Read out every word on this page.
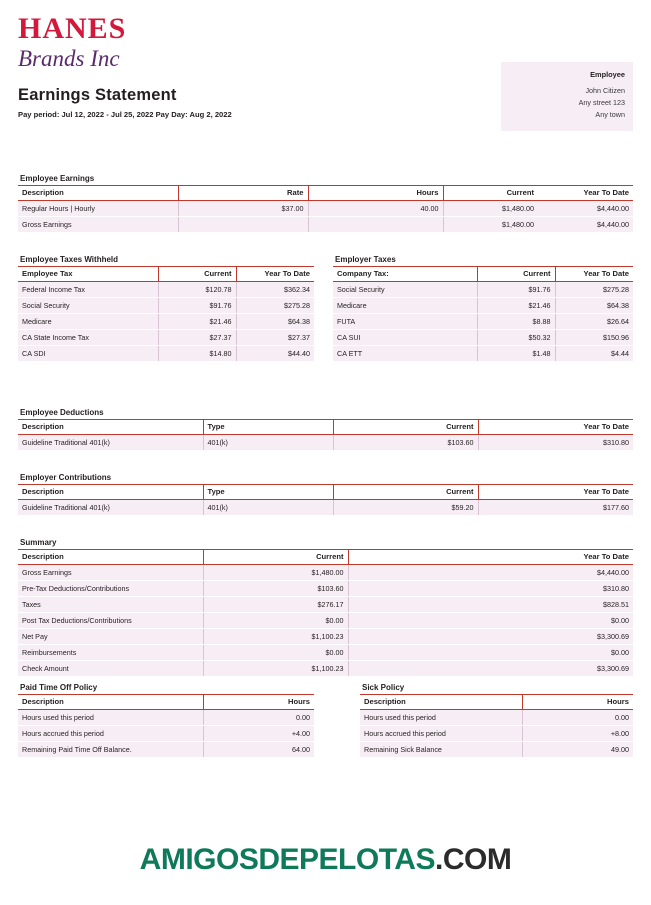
HANES
Brands Inc
Earnings Statement
Pay period: Jul 12, 2022 - Jul 25, 2022 Pay Day: Aug 2, 2022
Employee
John Citizen
Any street 123
Any town
Employee Earnings
Description	Rate	Hours	Current	Year To Date
Regular Hours | Hourly	$37.00	40.00	$1,480.00	$4,440.00
Gross Earnings			$1,480.00	$4,440.00
Employee Taxes Withheld
Employee Tax	Current	Year To Date
Federal Income Tax	$120.78	$362.34
Social Security	$91.76	$275.28
Medicare	$21.46	$64.38
CA State Income Tax	$27.37	$27.37
CA SDI	$14.80	$44.40
Employer Taxes
Company Tax:	Current	Year To Date
Social Security	$91.76	$275.28
Medicare	$21.46	$64.38
FUTA	$8.88	$26.64
CA SUI	$50.32	$150.96
CA ETT	$1.48	$4.44
Employee Deductions
Description	Type	Current	Year To Date
Guideline Traditional 401(k)	401(k)	$103.60	$310.80
Employer Contributions
Description	Type	Current	Year To Date
Guideline Traditional 401(k)	401(k)	$59.20	$177.60
Summary
Description	Current		Year To Date
Gross Earnings	$1,480.00		$4,440.00
Pre-Tax Deductions/Contributions	$103.60		$310.80
Taxes	$276.17		$828.51
Post Tax Deductions/Contributions	$0.00		$0.00
Net Pay	$1,100.23		$3,300.69
Reimbursements	$0.00		$0.00
Check Amount	$1,100.23		$3,300.69
Paid Time Off Policy
Description	Hours
Hours used this period	0.00
Hours accrued this period	+4.00
Remaining Paid Time Off Balance.	64.00
Sick Policy
Description	Hours
Hours used this period	0.00
Hours accrued this period	+8.00
Remaining Sick Balance	49.00
AMIGOSDEPELOTAS.COM
